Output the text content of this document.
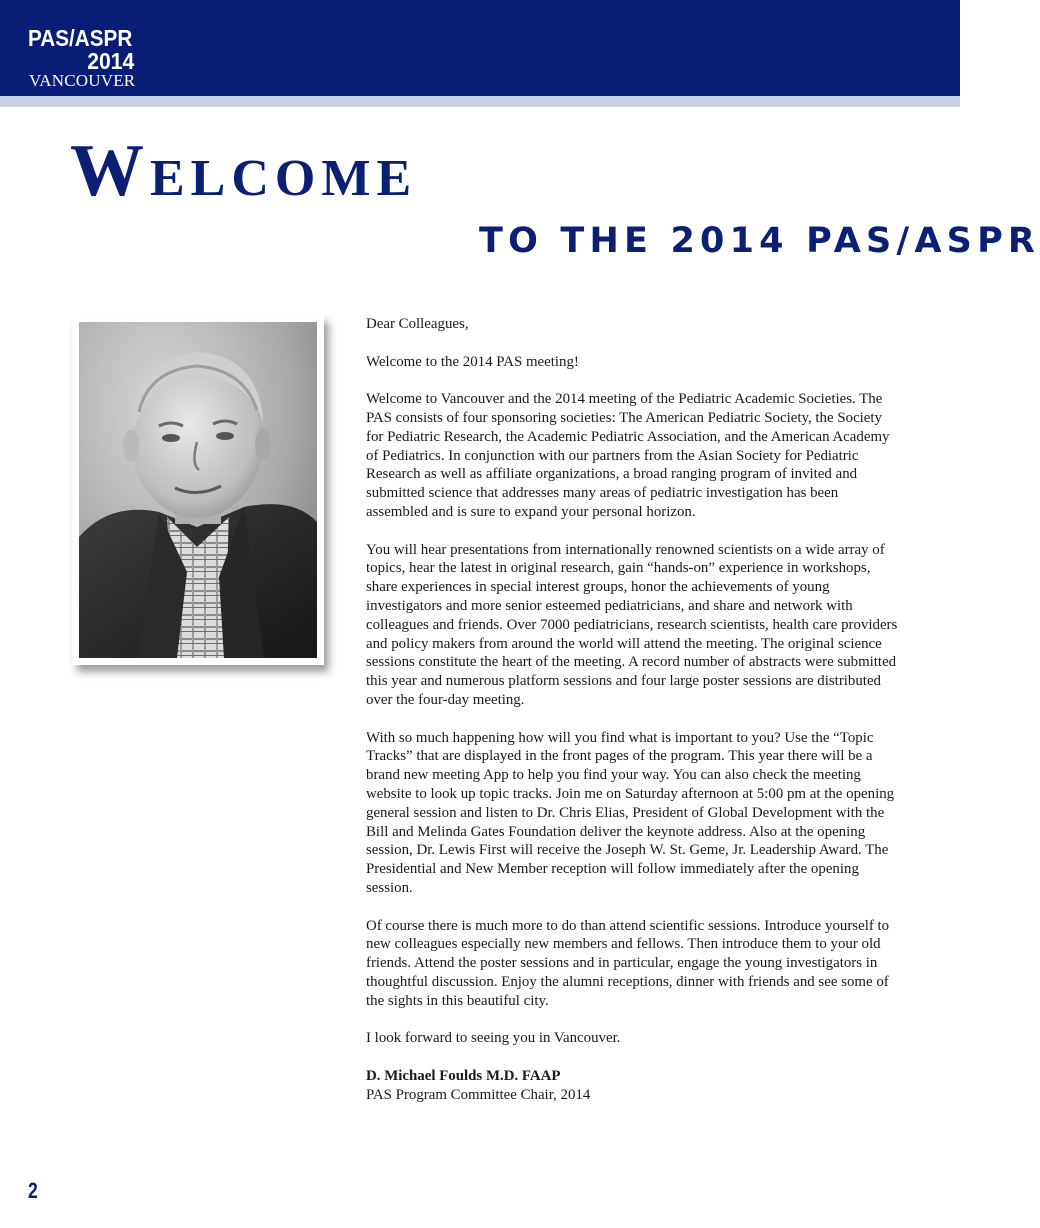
PAS/ASPR
2014
VANCOUVER
Welcome
TO THE 2014 PAS/ASPR

Dear Colleagues,

Welcome to the 2014 PAS meeting!

Welcome to Vancouver and the 2014 meeting of the Pediatric Academic Societies. The PAS consists of four sponsoring societies: The American Pediatric Society, the Society for Pediatric Research, the Academic Pediatric Association, and the American Academy of Pediatrics. In conjunction with our partners from the Asian Society for Pediatric Research as well as affiliate organizations, a broad ranging program of invited and submitted science that addresses many areas of pediatric investigation has been assembled and is sure to expand your personal horizon.

You will hear presentations from internationally renowned scientists on a wide array of topics, hear the latest in original research, gain “hands-on” experience in workshops, share experiences in special interest groups, honor the achievements of young investigators and more senior esteemed pediatricians, and share and network with colleagues and friends. Over 7000 pediatricians, research scientists, health care providers and policy makers from around the world will attend the meeting. The original science sessions constitute the heart of the meeting. A record number of abstracts were submitted this year and numerous platform sessions and four large poster sessions are distributed over the four-day meeting.

With so much happening how will you find what is important to you? Use the “Topic Tracks” that are displayed in the front pages of the program. This year there will be a brand new meeting App to help you find your way. You can also check the meeting website to look up topic tracks. Join me on Saturday afternoon at 5:00 pm at the opening general session and listen to Dr. Chris Elias, President of Global Development with the Bill and Melinda Gates Foundation deliver the keynote address. Also at the opening session, Dr. Lewis First will receive the Joseph W. St. Geme, Jr. Leadership Award. The Presidential and New Member reception will follow immediately after the opening session.

Of course there is much more to do than attend scientific sessions. Introduce yourself to new colleagues especially new members and fellows. Then introduce them to your old friends. Attend the poster sessions and in particular, engage the young investigators in thoughtful discussion. Enjoy the alumni receptions, dinner with friends and see some of the sights in this beautiful city.

I look forward to seeing you in Vancouver.

D. Michael Foulds M.D. FAAP
PAS Program Committee Chair, 2014
2
